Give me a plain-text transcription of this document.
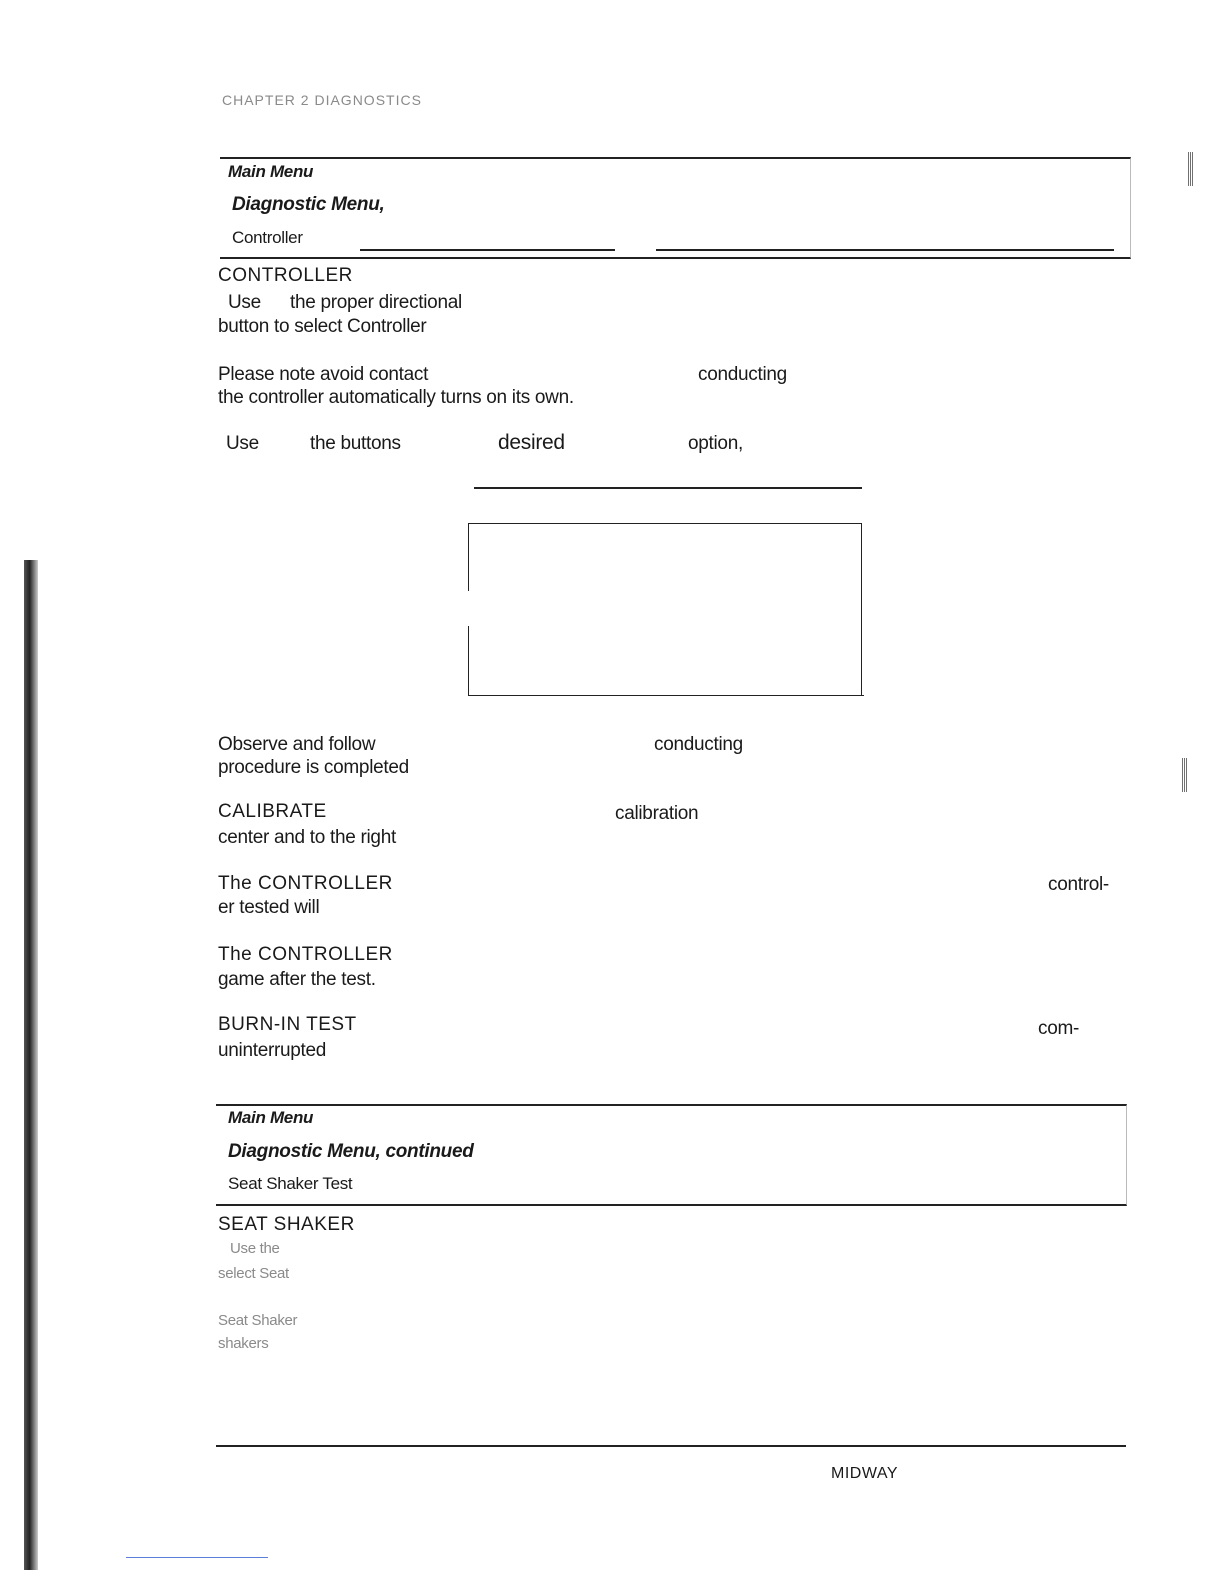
CHAPTER 2 DIAGNOSTICS
Main Menu
Diagnostic Menu,
Controller
CONTROLLER
Use the proper directional
button to select Controller
Please note avoid contact	conducting
the controller automatically turns on its own.
Use	the buttons	desired	option,
Observe and follow	conducting
procedure is completed
CALIBRATE	calibration
center and to the right
The CONTROLLER	control-
er tested will
The CONTROLLER
game after the test.
BURN-IN TEST	com-
uninterrupted
Main Menu
Diagnostic Menu, continued
Seat Shaker Test
SEAT SHAKER
Use the
select Seat
Seat Shaker
shakers
MIDWAY
